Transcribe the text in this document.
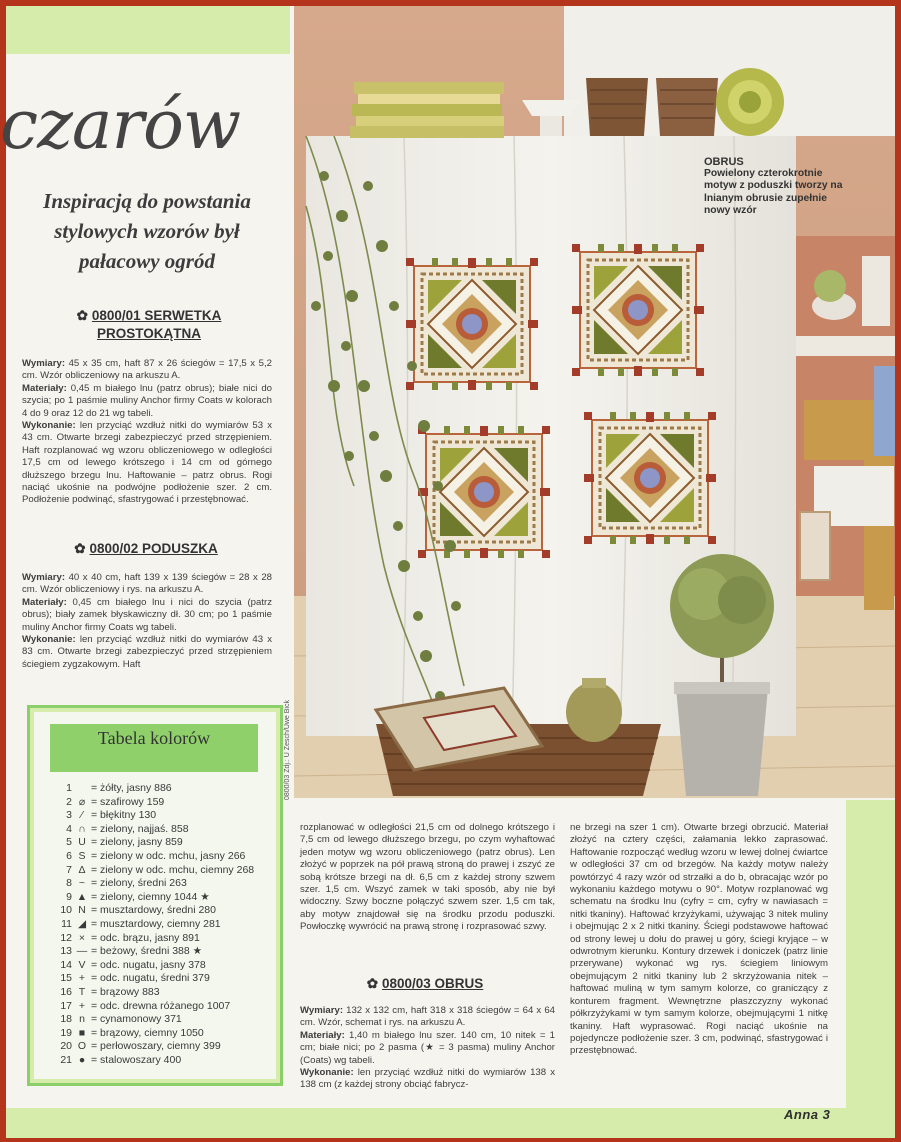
czarów
Inspiracją do powstania
stylowych wzorów był
pałacowy ogród
✿ 0800/01 SERWETKA PROSTOKĄTNA

Wymiary: 45 x 35 cm, haft 87 x 26 ściegów = 17,5 x 5,2 cm. Wzór obliczeniowy na arkuszu A.

Materiały: 0,45 m białego lnu (patrz obrus); białe nici do szycia; po 1 paśmie muliny Anchor firmy Coats w kolorach 4 do 9 oraz 12 do 21 wg tabeli.

Wykonanie: len przyciąć wzdłuż nitki do wymiarów 53 x 43 cm. Otwarte brzegi zabezpieczyć przed strzępieniem. Haft rozplanować wg wzoru obliczeniowego w odległości 17,5 cm od lewego krótszego i 14 cm od górnego dłuższego brzegu lnu. Haftowanie – patrz obrus. Rogi naciąć ukośnie na podwójne podłożenie szer. 2 cm. Podłożenie podwinąć, sfastrygować i przestębnować.

✿ 0800/02 PODUSZKA

Wymiary: 40 x 40 cm, haft 139 x 139 ściegów = 28 x 28 cm. Wzór obliczeniowy i rys. na arkuszu A.

Materiały: 0,45 cm białego lnu i nici do szycia (patrz obrus); biały zamek błyskawiczny dł. 30 cm; po 1 paśmie muliny Anchor firmy Coats wg tabeli.

Wykonanie: len przyciąć wzdłuż nitki do wymiarów 43 x 83 cm. Otwarte brzegi zabezpieczyć przed strzępieniem ściegiem zygzakowym. Haft

Tabela kolorów
1 = żółty, jasny 886
2 ⌀ = szafirowy 159
3 ⁄ = błękitny 130
4 ∩ = zielony, najjaś. 858
5 U = zielony, jasny 859
6 S = zielony w odc. mchu, jasny 266
7 Δ = zielony w odc. mchu, ciemny 268
8 ~ = zielony, średni 263
9 ▲ = zielony, ciemny 1044 ★
10 N = musztardowy, średni 280
11 ◢ = musztardowy, ciemny 281
12 × = odc. brązu, jasny 891
13 — = beżowy, średni 388 ★
14 V = odc. nugatu, jasny 378
15 + = odc. nugatu, średni 379
16 T = brązowy 883
17 + = odc. drewna różanego 1007
18 n = cynamonowy 371
19 ■ = brązowy, ciemny 1050
20 O = perłowoszary, ciemny 399
21 ● = stalowoszary 400
0800/03 Zdj.: U Zesch/Uwe Bick
OBRUS
Powielony czterokrotnie motyw z poduszki tworzy na lnianym obrusie zupełnie nowy wzór
rozplanować w odległości 21,5 cm od dolnego krótszego i 7,5 cm od lewego dłuższego brzegu, po czym wyhaftować jeden motyw wg wzoru obliczeniowego (patrz obrus). Len złożyć w poprzek na pół prawą stroną do prawej i zszyć ze sobą krótsze brzegi na dł. 6,5 cm z każdej strony szwem szer. 1,5 cm. Wszyć zamek w taki sposób, aby nie był widoczny. Szwy boczne połączyć szwem szer. 1,5 cm tak, aby motyw znajdował się na środku przodu poduszki. Powłoczkę wywrócić na prawą stronę i rozprasować szwy.
✿ 0800/03 OBRUS

Wymiary: 132 x 132 cm, haft 318 x 318 ściegów = 64 x 64 cm. Wzór, schemat i rys. na arkuszu A.

Materiały: 1,40 m białego lnu szer. 140 cm, 10 nitek = 1 cm; białe nici; po 2 pasma (★ = 3 pasma) muliny Anchor (Coats) wg tabeli.

Wykonanie: len przyciąć wzdłuż nitki do wymiarów 138 x 138 cm (z każdej strony obciąć fabrycz-

ne brzegi na szer 1 cm). Otwarte brzegi obrzucić. Materiał złożyć na cztery części, załamania lekko zaprasować. Haftowanie rozpocząć według wzoru w lewej dolnej ćwiartce w odległości 37 cm od brzegów. Na każdy motyw należy powtórzyć 4 razy wzór od strzałki a do b, obracając wzór po wykonaniu każdego motywu o 90°. Motyw rozplanować wg schematu na środku lnu (cyfry = cm, cyfry w nawiasach = nitki tkaniny). Haftować krzyżykami, używając 3 nitek muliny i obejmując 2 x 2 nitki tkaniny. Ściegi podstawowe haftować od strony lewej u dołu do prawej u góry, ściegi kryjące – w odwrotnym kierunku. Kontury drzewek i doniczek (patrz linie przerywane) wykonać wg rys. ściegiem liniowym obejmującym 2 nitki tkaniny lub 2 skrzyżowania nitek – haftować muliną w tym samym kolorze, co graniczący z konturem fragment. Wewnętrzne płaszczyzny wykonać półkrzyżykami w tym samym kolorze, obejmującymi 1 nitkę tkaniny. Haft wyprasować. Rogi naciąć ukośnie na pojedyncze podłożenie szer. 3 cm, podwinąć, sfastrygować i przestębnować.
Anna 3
